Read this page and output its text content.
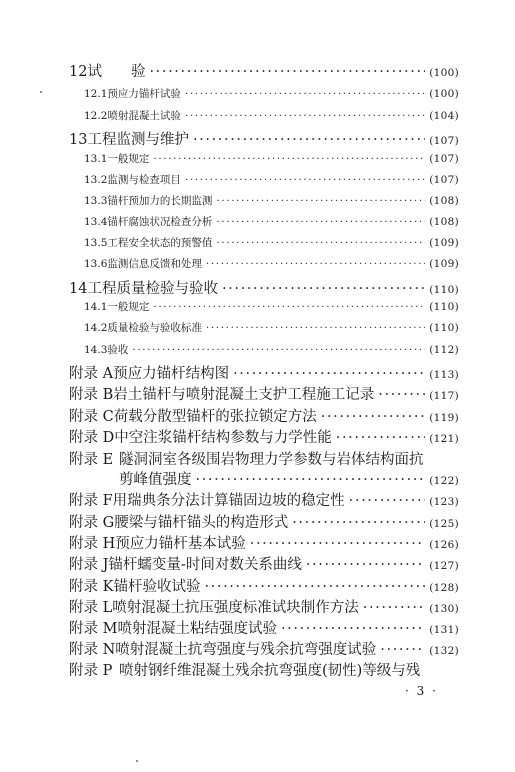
12 试　　验 ·····	(100)
12.1 预应力锚杆试验 ·····	(100)
12.2 喷射混凝土试验 ·····	(104)
13 工程监测与维护 ·····	(107)
13.1 一般规定 ·····	(107)
13.2 监测与检查项目 ·····	(107)
13.3 锚杆预加力的长期监测 ·····	(108)
13.4 锚杆腐蚀状况检查分析 ·····	(108)
13.5 工程安全状态的预警值 ·····	(109)
13.6 监测信息反馈和处理 ·····	(109)
14 工程质量检验与验收 ·····	(110)
14.1 一般规定 ·····	(110)
14.2 质量检验与验收标准 ·····	(110)
14.3 验收 ·····	(112)
附录 A 预应力锚杆结构图 ·····	(113)
附录 B 岩土锚杆与喷射混凝土支护工程施工记录 ·····	(117)
附录 C 荷载分散型锚杆的张拉锁定方法 ·····	(119)
附录 D 中空注浆锚杆结构参数与力学性能 ·····	(121)
附录 E 隧洞洞室各级围岩物理力学参数与岩体结构面抗
剪峰值强度 ·····	(122)
附录 F 用瑞典条分法计算锚固边坡的稳定性 ·····	(123)
附录 G 腰梁与锚杆锚头的构造形式 ·····	(125)
附录 H 预应力锚杆基本试验 ·····	(126)
附录 J 锚杆蠕变量-时间对数关系曲线 ·····	(127)
附录 K 锚杆验收试验 ·····	(128)
附录 L 喷射混凝土抗压强度标准试块制作方法 ·····	(130)
附录 M 喷射混凝土粘结强度试验 ·····	(131)
附录 N 喷射混凝土抗弯强度与残余抗弯强度试验 ·····	(132)
附录 P 喷射钢纤维混凝土残余抗弯强度(韧性)等级与残
· 3 ·
